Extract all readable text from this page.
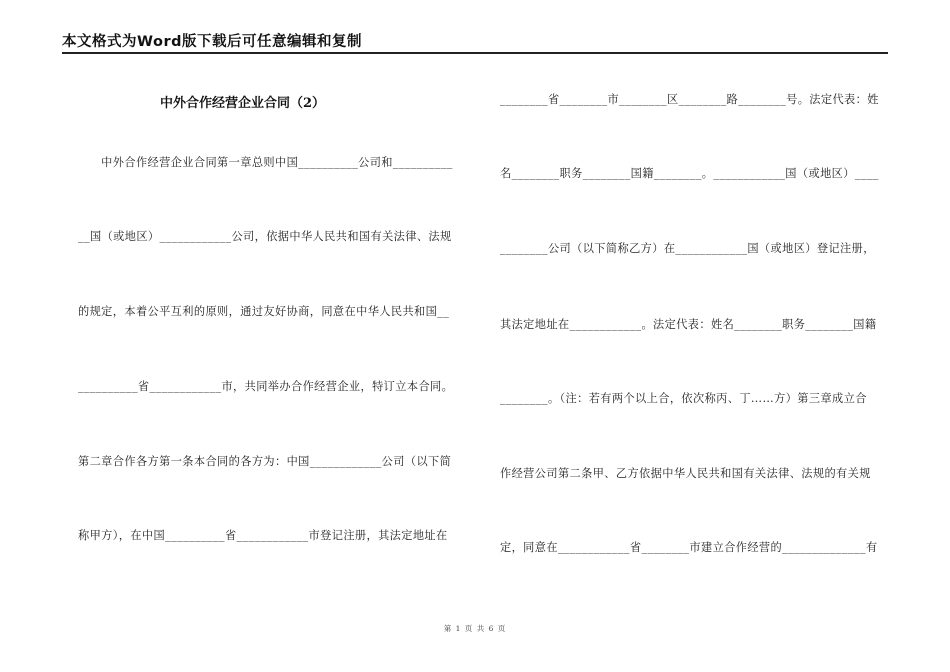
本文格式为Word版下载后可任意编辑和复制
中外合作经营企业合同（2）
　　中外合作经营企业合同第一章总则中国__________公司和__________
__国（或地区）____________公司，依据中华人民共和国有关法律、法规
的规定，本着公平互利的原则，通过友好协商，同意在中华人民共和国__
__________省____________市，共同举办合作经营企业，特订立本合同。
第二章合作各方第一条本合同的各方为：中国____________公司（以下简
称甲方），在中国__________省____________市登记注册，其法定地址在
________省________市________区________路________号。法定代表：姓
名________职务________国籍________。____________国（或地区）____
________公司（以下简称乙方）在____________国（或地区）登记注册，
其法定地址在____________。法定代表：姓名________职务________国籍
________。（注：若有两个以上合，依次称丙、丁……方）第三章成立合
作经营公司第二条甲、乙方依据中华人民共和国有关法律、法规的有关规
定，同意在____________省________市建立合作经营的______________有
第 1 页 共 6 页
